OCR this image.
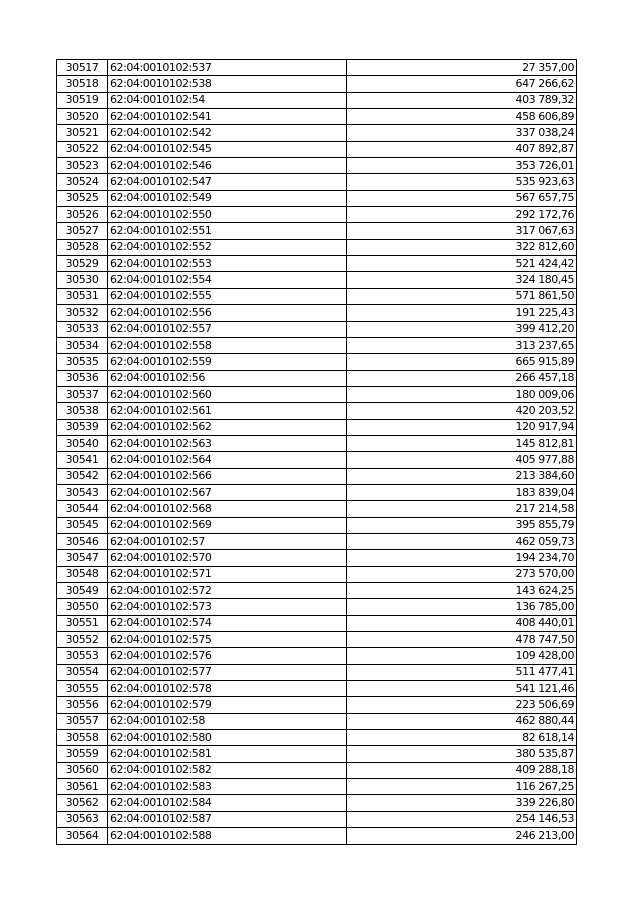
30517	62:04:0010102:537	27 357,00
30518	62:04:0010102:538	647 266,62
30519	62:04:0010102:54	403 789,32
30520	62:04:0010102:541	458 606,89
30521	62:04:0010102:542	337 038,24
30522	62:04:0010102:545	407 892,87
30523	62:04:0010102:546	353 726,01
30524	62:04:0010102:547	535 923,63
30525	62:04:0010102:549	567 657,75
30526	62:04:0010102:550	292 172,76
30527	62:04:0010102:551	317 067,63
30528	62:04:0010102:552	322 812,60
30529	62:04:0010102:553	521 424,42
30530	62:04:0010102:554	324 180,45
30531	62:04:0010102:555	571 861,50
30532	62:04:0010102:556	191 225,43
30533	62:04:0010102:557	399 412,20
30534	62:04:0010102:558	313 237,65
30535	62:04:0010102:559	665 915,89
30536	62:04:0010102:56	266 457,18
30537	62:04:0010102:560	180 009,06
30538	62:04:0010102:561	420 203,52
30539	62:04:0010102:562	120 917,94
30540	62:04:0010102:563	145 812,81
30541	62:04:0010102:564	405 977,88
30542	62:04:0010102:566	213 384,60
30543	62:04:0010102:567	183 839,04
30544	62:04:0010102:568	217 214,58
30545	62:04:0010102:569	395 855,79
30546	62:04:0010102:57	462 059,73
30547	62:04:0010102:570	194 234,70
30548	62:04:0010102:571	273 570,00
30549	62:04:0010102:572	143 624,25
30550	62:04:0010102:573	136 785,00
30551	62:04:0010102:574	408 440,01
30552	62:04:0010102:575	478 747,50
30553	62:04:0010102:576	109 428,00
30554	62:04:0010102:577	511 477,41
30555	62:04:0010102:578	541 121,46
30556	62:04:0010102:579	223 506,69
30557	62:04:0010102:58	462 880,44
30558	62:04:0010102:580	82 618,14
30559	62:04:0010102:581	380 535,87
30560	62:04:0010102:582	409 288,18
30561	62:04:0010102:583	116 267,25
30562	62:04:0010102:584	339 226,80
30563	62:04:0010102:587	254 146,53
30564	62:04:0010102:588	246 213,00
